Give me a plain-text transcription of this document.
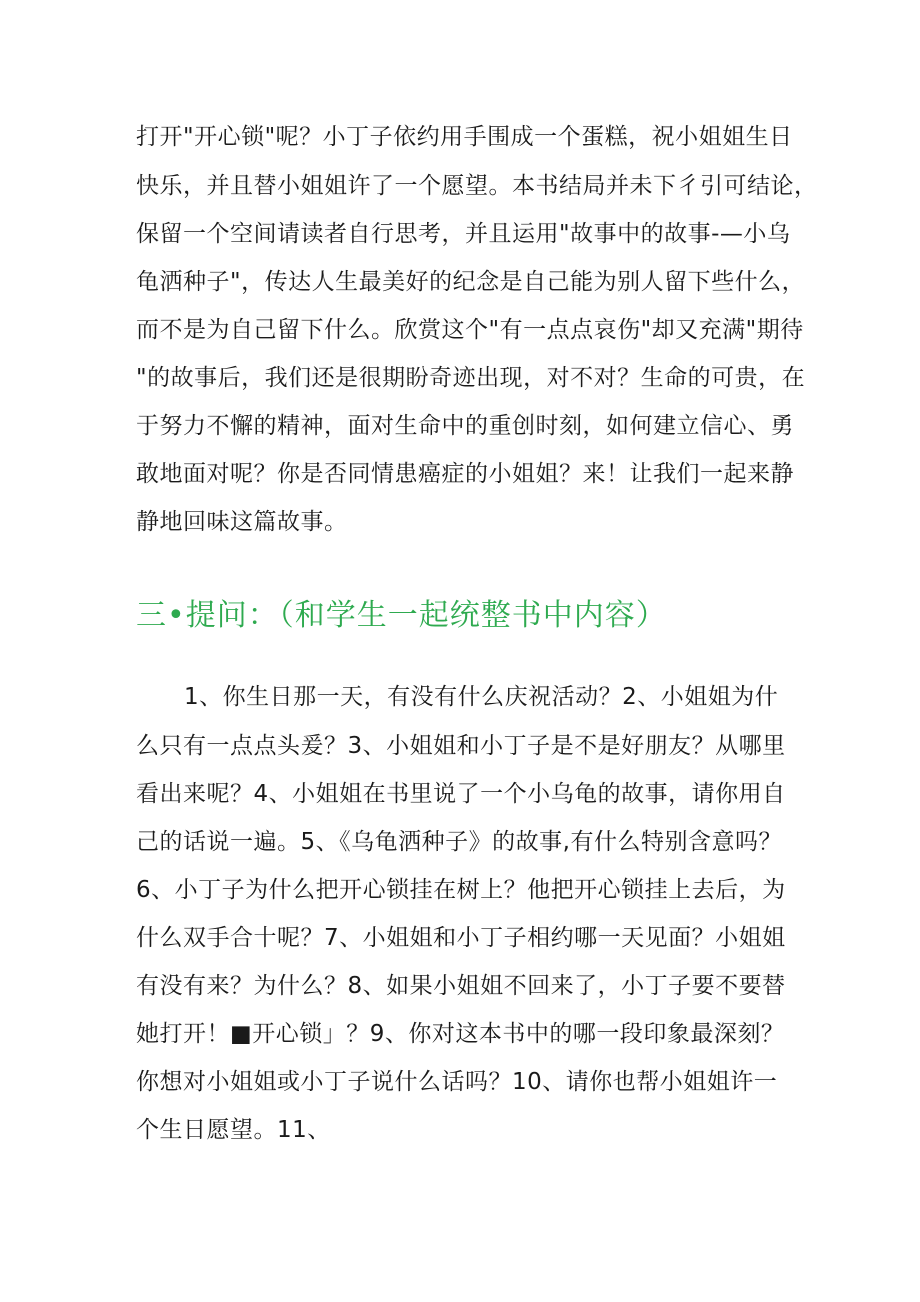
打开"开心锁"呢？小丁子依约用手围成一个蛋糕，祝小姐姐生日
快乐，并且替小姐姐许了一个愿望。本书结局并未下彳引可结论，
保留一个空间请读者自行思考，并且运用"故事中的故事-—小乌
龟洒种子"，传达人生最美好的纪念是自己能为别人留下些什么，
而不是为自己留下什么。欣赏这个"有一点点哀伤"却又充满"期待
"的故事后，我们还是很期盼奇迹出现，对不对？生命的可贵，在
于努力不懈的精神，面对生命中的重创时刻，如何建立信心、勇
敢地面对呢？你是否同情患癌症的小姐姐？来！让我们一起来静
静地回味这篇故事。
三•提问：（和学生一起统整书中内容）
1、你生日那一天，有没有什么庆祝活动？2、小姐姐为什
么只有一点点头爰？3、小姐姐和小丁子是不是好朋友？从哪里
看出来呢？4、小姐姐在书里说了一个小乌龟的故事，请你用自
己的话说一遍。5、《乌龟洒种子》的故事,有什么特别含意吗？
6、小丁子为什么把开心锁挂在树上？他把开心锁挂上去后，为
什么双手合十呢？7、小姐姐和小丁子相约哪一天见面？小姐姐
有没有来？为什么？8、如果小姐姐不回来了，小丁子要不要替
她打开！■开心锁」？9、你对这本书中的哪一段印象最深刻？
你想对小姐姐或小丁子说什么话吗？10、请你也帮小姐姐许一
个生日愿望。11、
